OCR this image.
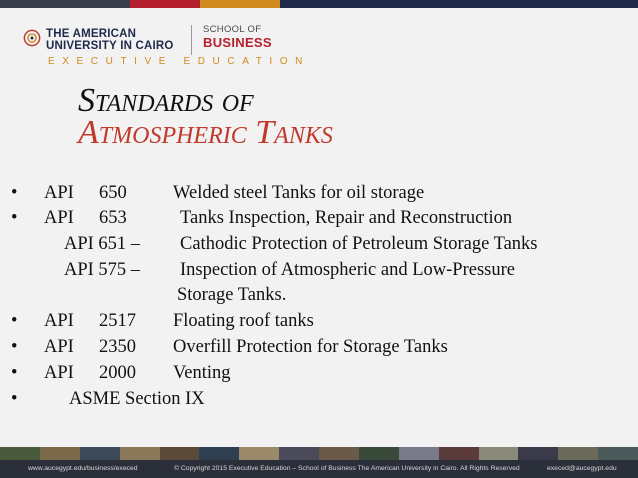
THE AMERICAN
UNIVERSITY IN CAIRO
SCHOOL OF
BUSINESS
EXECUTIVE EDUCATION
Standards of
Atmospheric Tanks
• API 650	Welded steel Tanks for oil storage
• API 653	Tanks Inspection, Repair and Reconstruction
API 651 – Cathodic Protection of Petroleum Storage Tanks
API 575 – Inspection of Atmospheric and Low-Pressure
Storage Tanks.
• API 2517 Floating roof tanks
• API 2350 Overfill Protection for Storage Tanks
• API 2000 Venting
•	ASME Section IX
www.aucegypt.edu/business/execed	© Copyright 2015 Executive Education – School of Business The American University in Cairo. All Rights Reserved	execed@aucegypt.edu
